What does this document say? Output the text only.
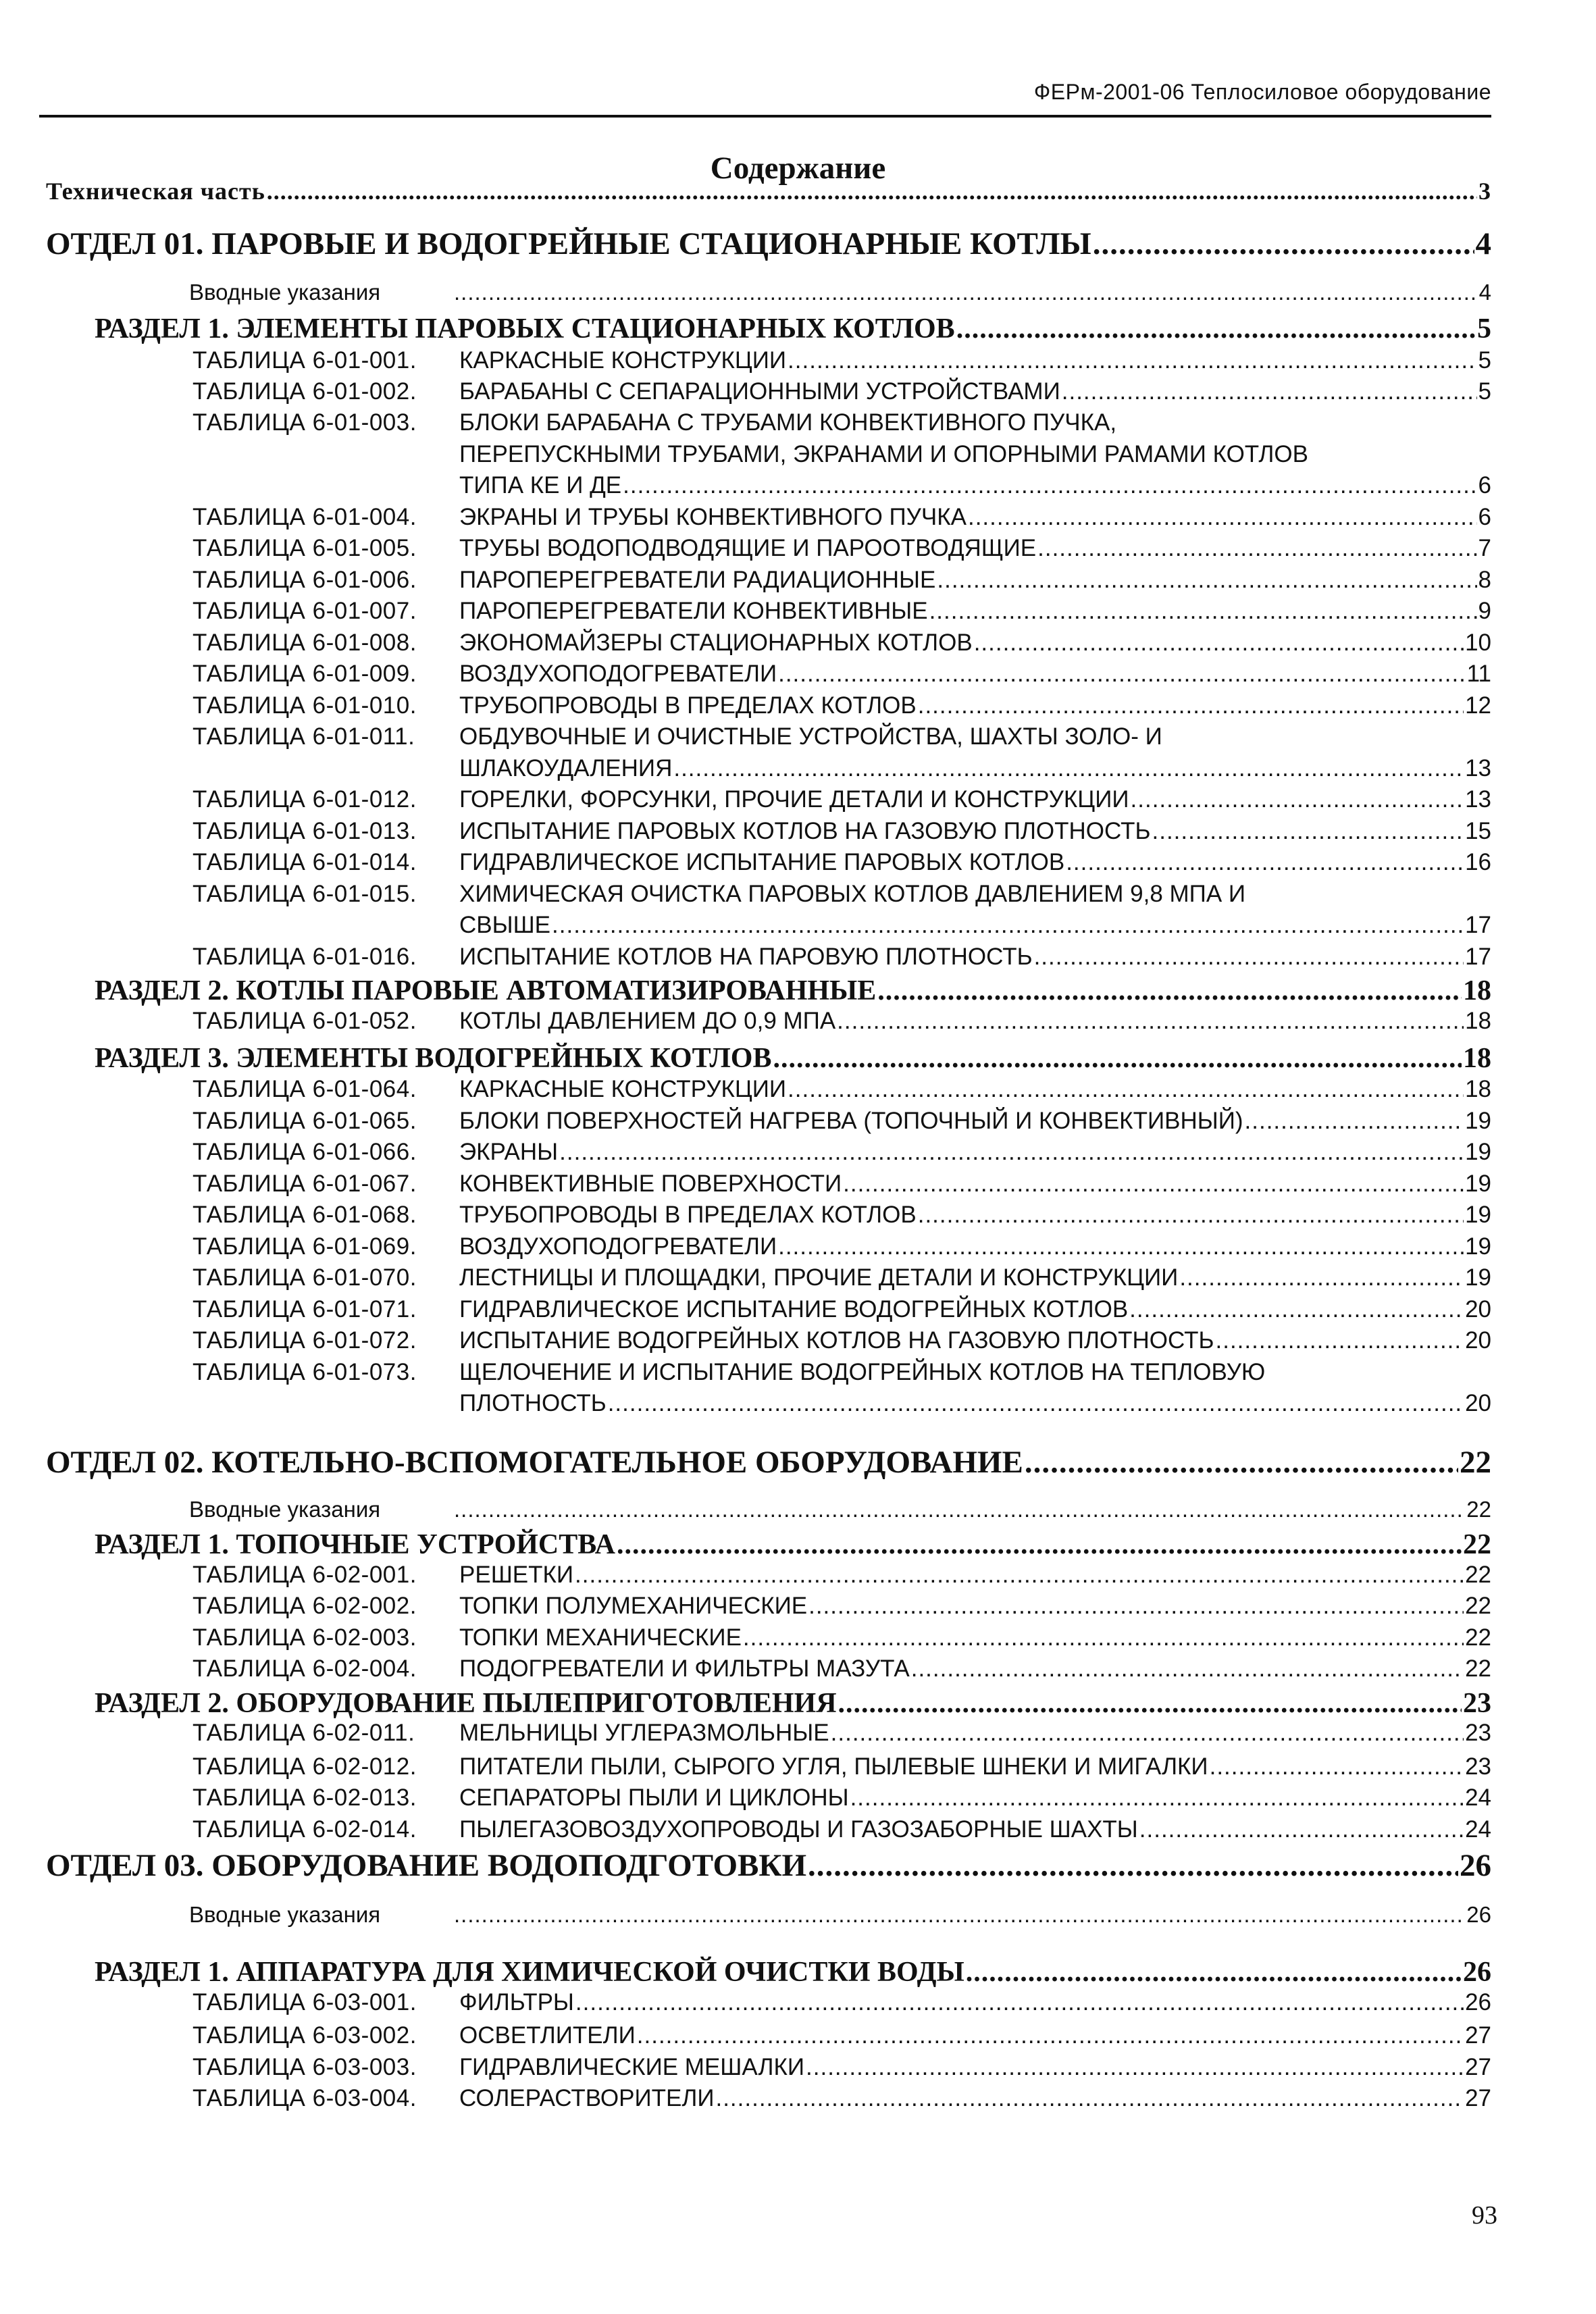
ФЕРм-2001-06 Теплосиловое оборудование
Содержание
Техническая часть .....	3
ОТДЕЛ 01. ПАРОВЫЕ И ВОДОГРЕЙНЫЕ СТАЦИОНАРНЫЕ КОТЛЫ .....	4
Вводные указания .....	4
РАЗДЕЛ 1. ЭЛЕМЕНТЫ ПАРОВЫХ СТАЦИОНАРНЫХ КОТЛОВ .....	5
ТАБЛИЦА 6-01-001.	КАРКАСНЫЕ КОНСТРУКЦИИ .....	5
ТАБЛИЦА 6-01-002.	БАРАБАНЫ С СЕПАРАЦИОННЫМИ УСТРОЙСТВАМИ .....	5
ТАБЛИЦА 6-01-003.	БЛОКИ БАРАБАНА С ТРУБАМИ КОНВЕКТИВНОГО ПУЧКА,
ПЕРЕПУСКНЫМИ ТРУБАМИ, ЭКРАНАМИ И ОПОРНЫМИ РАМАМИ КОТЛОВ
ТИПА КЕ И ДЕ .....	6
ТАБЛИЦА 6-01-004.	ЭКРАНЫ И ТРУБЫ КОНВЕКТИВНОГО ПУЧКА .....	6
ТАБЛИЦА 6-01-005.	ТРУБЫ ВОДОПОДВОДЯЩИЕ И ПАРООТВОДЯЩИЕ .....	7
ТАБЛИЦА 6-01-006.	ПАРОПЕРЕГРЕВАТЕЛИ РАДИАЦИОННЫЕ .....	8
ТАБЛИЦА 6-01-007.	ПАРОПЕРЕГРЕВАТЕЛИ КОНВЕКТИВНЫЕ .....	9
ТАБЛИЦА 6-01-008.	ЭКОНОМАЙЗЕРЫ СТАЦИОНАРНЫХ КОТЛОВ .....	10
ТАБЛИЦА 6-01-009.	ВОЗДУХОПОДОГРЕВАТЕЛИ .....	11
ТАБЛИЦА 6-01-010.	ТРУБОПРОВОДЫ В ПРЕДЕЛАХ КОТЛОВ .....	12
ТАБЛИЦА 6-01-011.	ОБДУВОЧНЫЕ И ОЧИСТНЫЕ УСТРОЙСТВА, ШАХТЫ ЗОЛО- И
ШЛАКОУДАЛЕНИЯ .....	13
ТАБЛИЦА 6-01-012.	ГОРЕЛКИ, ФОРСУНКИ, ПРОЧИЕ ДЕТАЛИ И КОНСТРУКЦИИ .....	13
ТАБЛИЦА 6-01-013.	ИСПЫТАНИЕ ПАРОВЫХ КОТЛОВ НА ГАЗОВУЮ ПЛОТНОСТЬ .....	15
ТАБЛИЦА 6-01-014.	ГИДРАВЛИЧЕСКОЕ ИСПЫТАНИЕ ПАРОВЫХ КОТЛОВ .....	16
ТАБЛИЦА 6-01-015.	ХИМИЧЕСКАЯ ОЧИСТКА ПАРОВЫХ КОТЛОВ ДАВЛЕНИЕМ 9,8 МПА И
СВЫШЕ .....	17
ТАБЛИЦА 6-01-016.	ИСПЫТАНИЕ КОТЛОВ НА ПАРОВУЮ ПЛОТНОСТЬ .....	17
РАЗДЕЛ 2. КОТЛЫ ПАРОВЫЕ АВТОМАТИЗИРОВАННЫЕ .....	18
ТАБЛИЦА 6-01-052.	КОТЛЫ ДАВЛЕНИЕМ ДО 0,9 МПА .....	18
РАЗДЕЛ 3. ЭЛЕМЕНТЫ ВОДОГРЕЙНЫХ КОТЛОВ .....	18
ТАБЛИЦА 6-01-064.	КАРКАСНЫЕ КОНСТРУКЦИИ .....	18
ТАБЛИЦА 6-01-065.	БЛОКИ ПОВЕРХНОСТЕЙ НАГРЕВА (ТОПОЧНЫЙ И КОНВЕКТИВНЫЙ) .....	19
ТАБЛИЦА 6-01-066.	ЭКРАНЫ .....	19
ТАБЛИЦА 6-01-067.	КОНВЕКТИВНЫЕ ПОВЕРХНОСТИ .....	19
ТАБЛИЦА 6-01-068.	ТРУБОПРОВОДЫ В ПРЕДЕЛАХ КОТЛОВ .....	19
ТАБЛИЦА 6-01-069.	ВОЗДУХОПОДОГРЕВАТЕЛИ .....	19
ТАБЛИЦА 6-01-070.	ЛЕСТНИЦЫ И ПЛОЩАДКИ, ПРОЧИЕ ДЕТАЛИ И КОНСТРУКЦИИ .....	19
ТАБЛИЦА 6-01-071.	ГИДРАВЛИЧЕСКОЕ ИСПЫТАНИЕ ВОДОГРЕЙНЫХ КОТЛОВ .....	20
ТАБЛИЦА 6-01-072.	ИСПЫТАНИЕ ВОДОГРЕЙНЫХ КОТЛОВ НА ГАЗОВУЮ ПЛОТНОСТЬ .....	20
ТАБЛИЦА 6-01-073.	ЩЕЛОЧЕНИЕ И ИСПЫТАНИЕ ВОДОГРЕЙНЫХ КОТЛОВ НА ТЕПЛОВУЮ
ПЛОТНОСТЬ .....	20
ОТДЕЛ 02. КОТЕЛЬНО-ВСПОМОГАТЕЛЬНОЕ ОБОРУДОВАНИЕ .....	22
Вводные указания .....	22
РАЗДЕЛ 1. ТОПОЧНЫЕ УСТРОЙСТВА .....	22
ТАБЛИЦА 6-02-001.	РЕШЕТКИ .....	22
ТАБЛИЦА 6-02-002.	ТОПКИ ПОЛУМЕХАНИЧЕСКИЕ .....	22
ТАБЛИЦА 6-02-003.	ТОПКИ МЕХАНИЧЕСКИЕ .....	22
ТАБЛИЦА 6-02-004.	ПОДОГРЕВАТЕЛИ И ФИЛЬТРЫ МАЗУТА .....	22
РАЗДЕЛ 2. ОБОРУДОВАНИЕ ПЫЛЕПРИГОТОВЛЕНИЯ .....	23
ТАБЛИЦА 6-02-011.	МЕЛЬНИЦЫ УГЛЕРАЗМОЛЬНЫЕ .....	23
ТАБЛИЦА 6-02-012.	ПИТАТЕЛИ ПЫЛИ, СЫРОГО УГЛЯ, ПЫЛЕВЫЕ ШНЕКИ И МИГАЛКИ .....	23
ТАБЛИЦА 6-02-013.	СЕПАРАТОРЫ ПЫЛИ И ЦИКЛОНЫ .....	24
ТАБЛИЦА 6-02-014.	ПЫЛЕГАЗОВОЗДУХОПРОВОДЫ И ГАЗОЗАБОРНЫЕ ШАХТЫ .....	24
ОТДЕЛ 03. ОБОРУДОВАНИЕ ВОДОПОДГОТОВКИ .....	26
Вводные указания .....	26
РАЗДЕЛ 1. АППАРАТУРА ДЛЯ ХИМИЧЕСКОЙ ОЧИСТКИ ВОДЫ .....	26
ТАБЛИЦА 6-03-001.	ФИЛЬТРЫ .....	26
ТАБЛИЦА 6-03-002.	ОСВЕТЛИТЕЛИ .....	27
ТАБЛИЦА 6-03-003.	ГИДРАВЛИЧЕСКИЕ МЕШАЛКИ .....	27
ТАБЛИЦА 6-03-004.	СОЛЕРАСТВОРИТЕЛИ .....	27
93
